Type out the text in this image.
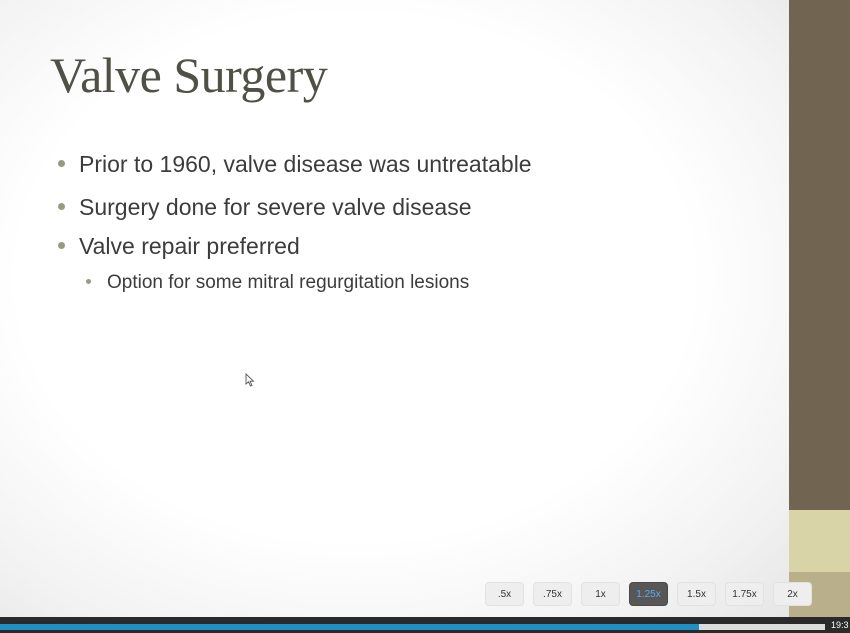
Valve Surgery
Prior to 1960, valve disease was untreatable
Surgery done for severe valve disease
Valve repair preferred
Option for some mitral regurgitation lesions
.5x	.75x	1x	1.25x	1.5x	1.75x	2x
19:3
